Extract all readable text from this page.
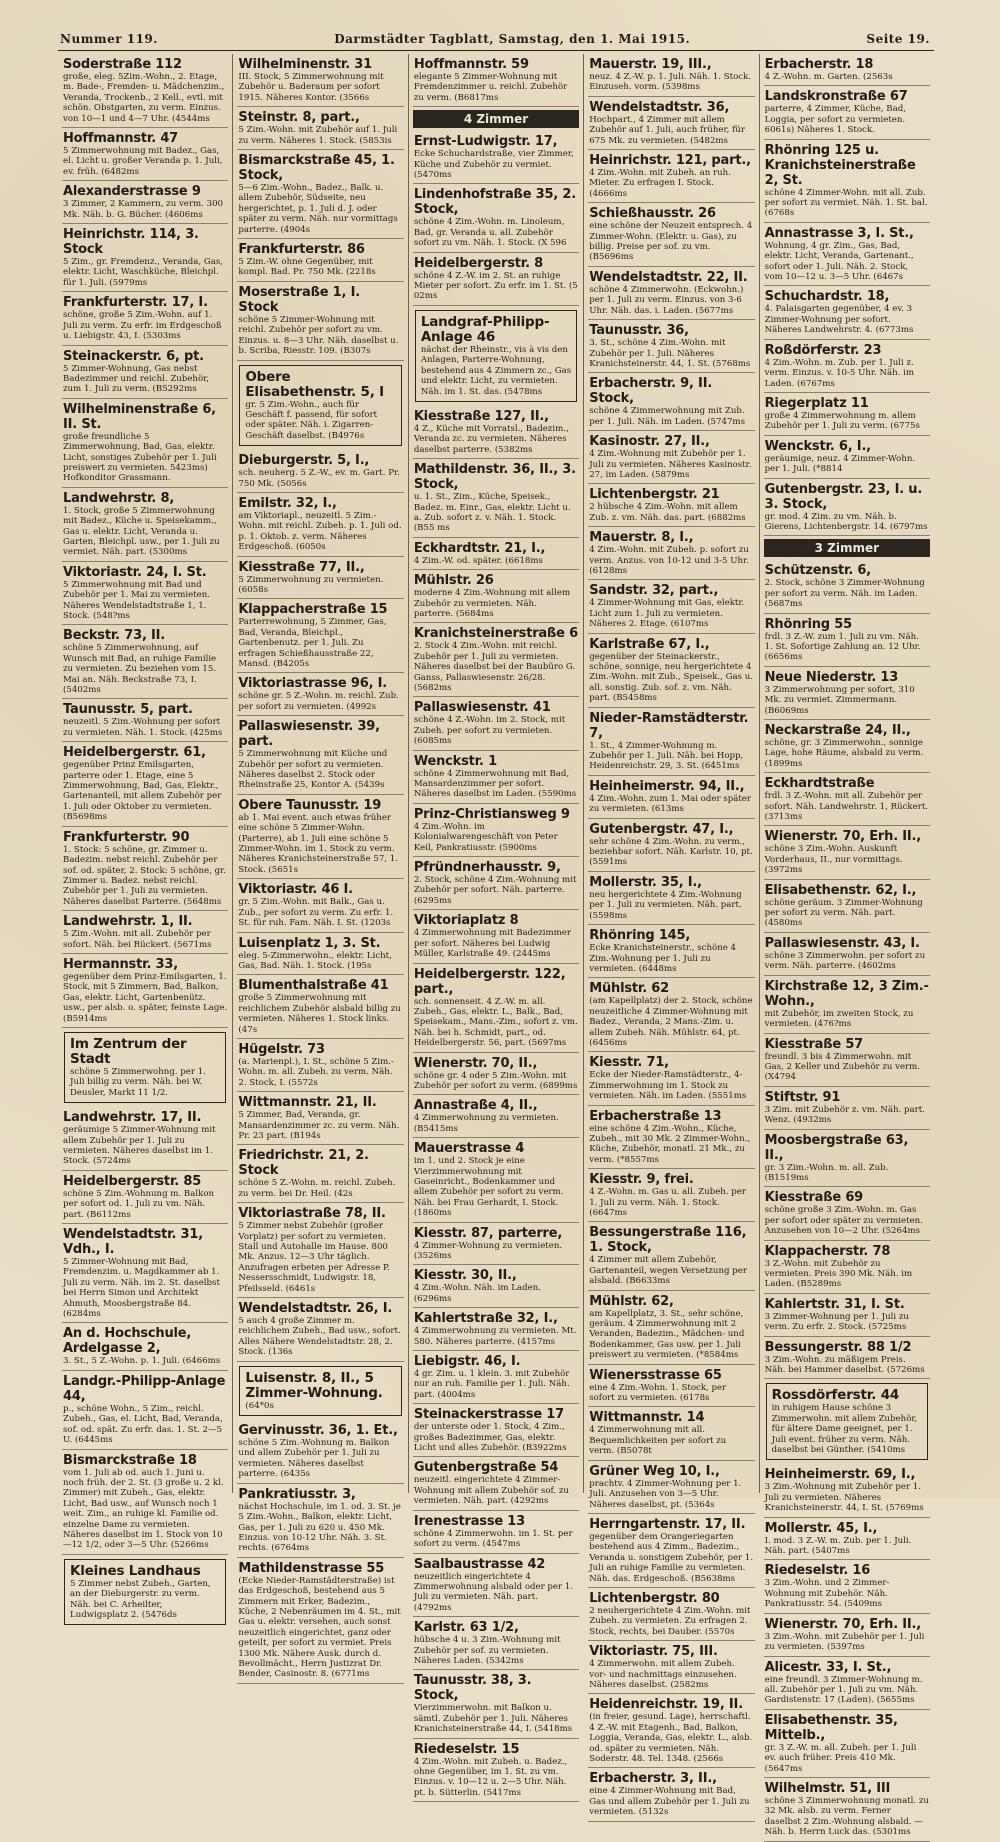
Nummer 119.	Darmstädter Tagblatt, Samstag, den 1. Mai 1915.	Seite 19.
Soderstraße 112
große, eleg. 5Zim.-Wohn., 2. Etage, m. Bade-, Fremden- u. Mädchenzim., Veranda, Trockenb., 2 Kell., evtl. mit schön. Obstgarten, zu verm. Einzus. von 10—1 und 4—7 Uhr. (4544ms
Hoffmannstr. 47
5 Zimmerwohnung mit Badez., Gas, el. Licht u. großer Veranda p. 1. Juli, ev. früh. (6482ms
Alexanderstrasse 9
3 Zimmer, 2 Kammern, zu verm. 300 Mk. Näh. b. G. Bücher. (4606ms
Heinrichstr. 114, 3. Stock
5 Zim., gr. Fremdenz., Veranda, Gas, elektr. Licht, Waschküche, Bleichpl. für 1. Juli. (5979ms
Frankfurterstr. 17, I.
schöne, große 5 Zim.-Wohn. auf 1. Juli zu verm. Zu erfr. im Erdgeschoß u. Liebigstr. 43, I. (5303ms
Steinackerstr. 6, pt.
5 Zimmer-Wohnung, Gas nebst Badezimmer und reichl. Zubehör, zum 1. Juli zu verm. (B5292ms
Wilhelminenstraße 6, II. St.
große freundliche 5 Zimmerwohnung, Bad, Gas, elektr. Licht, sonstiges Zubehör per 1. Juli preiswert zu vermieten. 5423ms) Hofkonditor Grassmann.
Landwehrstr. 8,
1. Stock, große 5 Zimmerwohnung mit Badez., Küche u. Speisekamm., Gas u. elektr. Licht, Veranda u. Garten, Bleichpl. usw., per 1. Juli zu vermiet. Näh. part. (5300ms
Viktoriastr. 24, I. St.
5 Zimmerwohnung mit Bad und Zubehör per 1. Mai zu vermieten. Näheres Wendelstadtstraße 1, 1. Stock. (548?ms
Beckstr. 73, II.
schöne 5 Zimmerwohnung, auf Wunsch mit Bad, an ruhige Familie zu vermieten. Zu beziehen vom 15. Mai an. Näh. Beckstraße 73, I. (5402ms
Taunusstr. 5, part.
neuzeitl. 5 Zim.-Wohnung per sofort zu vermieten. Näh. 1. Stock. (425ms
Heidelbergerstr. 61,
gegenüber Prinz Emilsgarten, parterre oder 1. Etage, eine 5 Zimmerwohnung, Bad, Gas, Elektr., Gartenanteil, mit allem Zubehör per 1. Juli oder Oktober zu vermieten. (B5698ms
Frankfurterstr. 90
1. Stock: 5 schöne, gr. Zimmer u. Badezim. nebst reichl. Zubehör per sof. od. später, 2. Stock: 5 schöne, gr. Zimmer u. Badez. nebst reichl. Zubehör per 1. Juli zu vermieten. Näheres daselbst Parterre. (5648ms
Landwehrstr. 1, II.
5 Zim.-Wohn. mit all. Zubehör per sofort. Näh. bei Rückert. (5671ms
Hermannstr. 33,
gegenüber dem Prinz-Emilsgarten, 1. Stock, mit 5 Zimmern, Bad, Balkon, Gas, elektr. Licht, Gartenbenütz. usw., per alsb. o. später, feinste Lage. (B5914ms
Im Zentrum der Stadt
schöne 5 Zimmerwohng. per 1. Juli billig zu verm. Näh. bei W. Deusler, Markt 11 1/2.
Landwehrstr. 17, II.
geräumige 5 Zimmer-Wohnung mit allem Zubehör per 1. Juli zu vermieten. Näheres daselbst im 1. Stock. (5724ms
Heidelbergerstr. 85
schöne 5 Zim.-Wohnung m. Balkon per sofort od. 1. Juli zu vm. Näh. part. (B6112ms
Wendelstadtstr. 31, Vdh., I.
5 Zimmer-Wohnung mit Bad, Fremdenzim. u. Magdkammer ab 1. Juli zu verm. Näh. im 2. St. daselbst bei Herrn Simon und Architekt Ahmuth, Moosbergstraße 84. (6284ms
An d. Hochschule, Ardelgasse 2,
3. St., 5 Z.-Wohn. p. 1. Juli. (6466ms
Landgr.-Philipp-Anlage 44,
p., schöne Wohn., 5 Zim., reichl. Zubeh., Gas, el. Licht, Bad, Veranda, sof. od. spät. Zu erfr. das. 1. St. 2—5 U. (6445ms
Bismarckstraße 18
vom 1. Juli ab od. auch 1. Juni u. noch früh. der 2. St. (3 große u. 2 kl. Zimmer) mit Zubeh., Gas, elektr. Licht, Bad usw., auf Wunsch noch 1 weit. Zim., an ruhige kl. Familie od. einzelne Dame zu vermieten. Näheres daselbst im 1. Stock von 10—12 1/2, oder 3—5 Uhr. (5266ms
Kleines Landhaus
5 Zimmer nebst Zubeh., Garten, an der Dieburgerstr. zu verm. Näh. bei C. Arheilter, Ludwigsplatz 2. (5476ds
Wilhelminenstr. 31
III. Stock, 5 Zimmerwohnung mit Zubehör u. Baderaum per sofort 1915. Näheres Kontor. (3566s
Steinstr. 8, part.,
5 Zim.-Wohn. mit Zubehör auf 1. Juli zu verm. Näheres 1. Stock. (5853is
Bismarckstraße 45, 1. Stock,
5—6 Zim.-Wohn., Badez., Balk. u. allem Zubehör, Südseite, neu hergerichtet, p. 1. Juli d. J. oder später zu verm. Näh. nur vormittags parterre. (4904s
Frankfurterstr. 86
5 Zim.-W. ohne Gegenüber, mit kompl. Bad. Pr. 750 Mk. (2218s
Moserstraße 1, I. Stock
schöne 5 Zimmer-Wohnung mit reichl. Zubehör per sofort zu vm. Einzus. u. 8—3 Uhr. Näh. daselbst u. b. Scriba, Riesstr. 109. (B307s
Obere Elisabethenstr. 5, I
gr. 5 Zim.-Wohn., auch für Geschäft f. passend, für sofort oder später. Näh. i. Zigarren-Geschäft daselbst. (B4976s
Dieburgerstr. 5, I.,
sch. neuherg. 5 Z.-W., ev. m. Gart. Pr. 750 Mk. (5056s
Emilstr. 32, I.,
am Viktoriapl., neuzeitl. 5 Zim.-Wohn. mit reichl. Zubeh. p. 1. Juli od. p. 1. Oktob. z. verm. Näheres Erdgeschoß. (6050s
Kiesstraße 77, II.,
5 Zimmerwohnung zu vermieten. (6058s
Klappacherstraße 15
Parterrewohnung, 5 Zimmer, Gas, Bad, Veranda, Bleichpl., Gartenbenutz. per 1. Juli. Zu erfragen Schießhausstraße 22, Mansd. (B4205s
Viktoriastrasse 96, I.
schöne gr. 5 Z.-Wohn. m. reichl. Zub. per sofort zu vermieten. (4992s
Pallaswiesenstr. 39, part.
5 Zimmerwohnung mit Küche und Zubehör per sofort zu vermieten. Näheres daselbst 2. Stock oder Rheinstraße 25, Kontor A. (5439s
Obere Taunusstr. 19
ab 1. Mai event. auch etwas früher eine schöne 5 Zimmer-Wohn. (Parterre), ab 1. Juli eine schöne 5 Zimmer-Wohn. im 1. Stock zu verm. Näheres Kranichsteinerstraße 57, 1. Stock. (5651s
Viktoriastr. 46 I.
gr. 5 Zim.-Wohn. mit Balk., Gas u. Zub., per sofort zu verm. Zu erfr. 1. St. für ruh. Fam. Näh. I. St. (1203s
Luisenplatz 1, 3. St.
eleg. 5-Zimmerwohn., elektr. Licht, Gas, Bad. Näh. 1. Stock. (195s
Blumenthalstraße 41
große 5 Zimmerwohnung mit reichlichem Zubehör alsbald billig zu vermieten. Näheres 1. Stock links. (47s
Hügelstr. 73
(a. Marienpl.), I. St., schöne 5 Zim.-Wohn. m. all. Zubeh. zu verm. Näh. 2. Stock, I. (5572s
Wittmannstr. 21, II.
5 Zimmer, Bad, Veranda, gr. Mansardenzimmer zc. zu verm. Näh. Pr. 23 part. (B194s
Friedrichstr. 21, 2. Stock
schöne 5 Z.-Wohn. m. reichl. Zubeh. zu verm. bei Dr. Heil. (42s
Viktoriastraße 78, II.
5 Zimmer nebst Zubehör (großer Vorplatz) per sofort zu vermieten. Stall und Autohalle im Hause. 800 Mk. Anzus. 12—3 Uhr täglich. Anzufragen erbeten per Adresse P. Nessersschmidt, Ludwigstr. 18, Pfeilsseld. (6461s
Wendelstadtstr. 26, I.
5 auch 4 große Zimmer m. reichlichem Zubeh., Bad usw., sofort. Alles Nähere Wendelstadtstr. 28, 2. Stock. (136s
Luisenstr. 8, II., 5 Zimmer-Wohnung.
(64*0s
Gervinusstr. 36, 1. Et.,
schöne 5 Zim.-Wohnung m. Balkon und allem Zubehör per 1. Juli zu vermieten. Näheres daselbst parterre. (6435s
Pankratiusstr. 3,
nächst Hochschule, im 1. od. 3. St. je 5 Zim.-Wohn., Balkon, elektr. Licht, Gas, per 1. Juli zu 620 u. 450 Mk. Einzus. von 10-12 Uhr. Näh. 3. St. rechts. (6764ms
Mathildenstrasse 55
(Ecke Nieder-Ramstädterstraße) ist das Erdgeschoß, bestehend aus 5 Zimmern mit Erker, Badezim., Küche, 2 Nebenräumen im 4. St., mit Gas u. elektr. versehen, auch sonst neuzeitlich eingerichtet, ganz oder geteilt, per sofort zu vermiet. Preis 1300 Mk. Nähere Ausk. durch d. Bevollmächt., Herrn Justizrat Dr. Bender, Casinostr. 8. (6771ms
Hoffmannstr. 59
elegante 5 Zimmer-Wohnung mit Fremdenzimmer u. reichl. Zubehör zu verm. (B6817ms
4 Zimmer
Ernst-Ludwigstr. 17,
Ecke Schuchardstraße, vier Zimmer, Küche und Zubehör zu vermiet. (5470ms
Lindenhofstraße 35, 2. Stock,
schöne 4 Zim.-Wohn. m. Linoleum, Bad, gr. Veranda u. all. Zubehör sofort zu vm. Näh. 1. Stock. (X 596
Heidelbergerstr. 8
schöne 4 Z.-W. im 2. St. an ruhige Mieter per sofort. Zu erfr. im 1. St. (5 02ms
Landgraf-Philipp-Anlage 46
nächst der Rheinstr., vis à vis den Anlagen, Parterre-Wohnung, bestehend aus 4 Zimmern zc., Gas und elektr. Licht, zu vermieten. Näh. im 1. St. das. (5478ms
Kiesstraße 127, II.,
4 Z., Küche mit Vorratsl., Badezim., Veranda zc. zu vermieten. Näheres daselbst parterre. (5382ms
Mathildenstr. 36, II., 3. Stock,
u. 1. St., Zim., Küche, Speisek., Badez. m. Einr., Gas, elektr. Licht u. a. Zub. sofort z. v. Näh. 1. Stock. (B55 ms
Eckhardtstr. 21, I.,
4 Zim.-W. od. später. (6618ms
Mühlstr. 26
moderne 4 Zim.-Wohnung mit allem Zubehör zu vermieten. Näh. parterre. (5684ms
Kranichsteinerstraße 6
2. Stock 4 Zim.-Wohn. mit reichl. Zubehör per 1. Juli zu vermieten. Näheres daselbst bei der Baubüro G. Ganss, Pallaswiesenstr. 26/28. (5682ms
Pallaswiesenstr. 41
schöne 4 Z.-Wohn. im 2. Stock, mit Zubeh. per sofort zu vermieten. (6085ms
Wenckstr. 1
schöne 4 Zimmerwohnung mit Bad, Mansardenzimmer per sofort. Näheres daselbst im Laden. (5590ms
Prinz-Christiansweg 9
4 Zim.-Wohn. im Kolonialwarengeschäft von Peter Keil, Pankratiusstr. (5900ms
Pfründnerhausstr. 9,
2. Stock, schöne 4 Zim.-Wohnung mit Zubehör per sofort. Näh. parterre. (6295ms
Viktoriaplatz 8
4 Zimmerwohnung mit Badezimmer per sofort. Näheres bei Ludwig Müller, Karlstraße 49. (2445ms
Heidelbergerstr. 122, part.,
sch. sonnenseit. 4 Z.-W. m. all. Zubeh., Gas, elektr. L., Balk., Bad, Speisekam., Mans.-Zim., sofort z. vm. Näh. bei h. Schmidt, part., od. Heidelbergerstr. 56, part. (5697ms
Wienerstr. 70, II.,
schöne gr. 4 oder 5 Zim.-Wohn. mit Zubehör per sofort zu verm. (6899ms
Annastraße 4, II.,
4 Zimmerwohnung zu vermieten. (B5415ms
Mauerstrasse 4
im 1. und 2. Stock je eine Vierzimmerwohnung mit Gaseinricht., Bodenkammer und allem Zubehör per sofort zu verm. Näh. bei Frau Gerhardt, I. Stock. (1860ms
Kiesstr. 87, parterre,
4 Zimmer-Wohnung zu vermieten. (3526ms
Kiesstr. 30, II.,
4 Zim.-Wohn. Näh. im Laden. (6296ms
Kahlertstraße 32, I.,
4 Zimmerwohnung zu vermieten. Mt. 580. Näheres parterre. (4157ms
Liebigstr. 46, I.
4 gr. Zim. u. 1 klein. 3. mit Zubehör nur an ruh. Familie per 1. Juli. Näh. part. (4004ms
Steinackerstrasse 17
der unterste oder 1. Stock, 4 Zim., großes Badezimmer, Gas, elektr. Licht und alles Zubehör. (B3922ms
Gutenbergstraße 54
neuzeitl. eingerichtete 4 Zimmer-Wohnung mit allem Zubehör sof. zu vermieten. Näh. part. (4292ms
Irenestrasse 13
schöne 4 Zimmerwohn. im 1. St. per sofort zu verm. (4547ms
Saalbaustrasse 42
neuzeitlich eingerichtete 4 Zimmerwohnung alsbald oder per 1. Juli zu vermieten. Näh. part. (4792ms
Karlstr. 63 1/2,
hübsche 4 u. 3 Zim.-Wohnung mit Zubehör per sof. zu vermieten. Näheres Laden. (5342ms
Taunusstr. 38, 3. Stock,
Vierzimmerwohn. mit Balkon u. sämtl. Zubehör per 1. Juli. Näheres Kranichsteinerstraße 44, I. (5418ms
Riedeselstr. 15
4 Zim.-Wohn. mit Zubeh. u. Badez., ohne Gegenüber, im 1. St. zu vm. Einzus. v. 10—12 u. 2—5 Uhr. Näh. pt. b. Sütterlin. (5417ms
Mauerstr. 19, III.,
neuz. 4 Z.-W. p. 1. Juli. Näh. 1. Stock. Einzuseh. vorm. (5398ms
Wendelstadtstr. 36,
Hochpart., 4 Zimmer mit allem Zubehör auf 1. Juli, auch früher, für 675 Mk. zu vermieten. (5482ms
Heinrichstr. 121, part.,
4 Zim.-Wohn. mit Zubeh. an ruh. Mieter. Zu erfragen I. Stock. (4666ms
Schießhausstr. 26
eine schöne der Neuzeit entsprech. 4 Zimmer-Wohn. (Elektr. u. Gas), zu billig. Preise per sof. zu vm. (B5696ms
Wendelstadtstr. 22, II.
schöne 4 Zimmerwohn. (Eckwohn.) per 1. Juli zu verm. Einzus. von 3-6 Uhr. Näh. das. i. Laden. (5677ms
Taunusstr. 36,
3. St., schöne 4 Zim.-Wohn. mit Zubehör per 1. Juli. Näheres Kranichsteinerstr. 44, 1. St. (5768ms
Erbacherstr. 9, II. Stock,
schöne 4 Zimmerwohnung mit Zub. per 1. Juli. Näh. im Laden. (5747ms
Kasinostr. 27, II.,
4 Zim.-Wohnung mit Zubehör per 1. Juli zu vermieten. Näheres Kasinostr. 27, im Laden. (5879ms
Lichtenbergstr. 21
2 hübsche 4 Zim.-Wohn. mit allem Zub. z. vm. Näh. das. part. (6882ms
Mauerstr. 8, I.,
4 Zim.-Wohn. mit Zubeh. p. sofort zu verm. Anzus. von 10-12 und 3-5 Uhr. (6128ms
Sandstr. 32, part.,
4 Zimmer-Wohnung mit Gas, elektr. Licht zum 1. Juli zu vermieten. Näheres 2. Etage. (6107ms
Karlstraße 67, I.,
gegenüber der Steinackerstr., schöne, sonnige, neu hergerichtete 4 Zim.-Wohn. mit Zub., Speisek., Gas u. all. sonstig. Zub. sof. z. vm. Näh. part. (B5458ms
Nieder-Ramstädterstr. 7,
1. St., 4 Zimmer-Wohnung m. Zubehör per 1. Juli. Näh. bei Hopp, Heidenreichstr. 29, 3. St. (6451ms
Heinheimerstr. 94, II.,
4 Zim.-Wohn. zum 1. Mai oder später zu vermieten. (613ms
Gutenbergstr. 47, I.,
sehr schöne 4 Zim.-Wohn. zu verm., beziehbar sofort. Näh. Karlstr. 10, pt. (5591ms
Mollerstr. 35, I.,
neu hergerichtete 4 Zim.-Wohnung per 1. Juli zu vermieten. Näh. part. (5598ms
Rhönring 145,
Ecke Kranichsteinerstr., schöne 4 Zim.-Wohnung per 1. Juli zu vermieten. (6448ms
Mühlstr. 62
(am Kapellplatz) der 2. Stock, schöne neuzeitliche 4 Zimmer-Wohnung mit Badez., Veranda, 2 Mans.-Zim. u. allem Zubeh. Näh. Mühlstr. 64, pt. (6456ms
Kiesstr. 71,
Ecke der Nieder-Ramstädterstr., 4-Zimmerwohnung im 1. Stock zu vermieten. Näh. im Laden. (5551ms
Erbacherstraße 13
eine schöne 4 Zim.-Wohn., Küche, Zubeh., mit 30 Mk. 2 Zimmer-Wohn., Küche, Zubehör, monatl. 21 Mk., zu verm. (*8557ms
Kiesstr. 9, frei.
4 Z.-Wohn. m. Gas u. all. Zubeh. per 1. Juli zu verm. Näh. 1. Stock. (6647ms
Bessungerstraße 116, 1. Stock,
4 Zimmer mit allem Zubehör, Gartenanteil, wegen Versetzung per alsbald. (B6633ms
Mühlstr. 62,
am Kapellplatz, 3. St., sehr schöne, geräum. 4 Zimmerwohnung mit 2 Veranden, Badezim., Mädchen- und Bodenkammer, Gas usw. per 1. Juli preiswert zu vermieten. (*8584ms
Wienersstrasse 65
eine 4 Zim.-Wohn. 1. Stock, per sofort zu vermieten. (6178s
Wittmannstr. 14
4 Zimmerwohnung mit all. Bequemlichkeiten per sofort zu verm. (B5078t
Grüner Weg 10, I.,
prachtv. 4 Zimmer-Wohnung per 1. Juli. Anzusehen von 3—5 Uhr. Näheres daselbst, pt. (5364s
Herrngartenstr. 17, II.
gegenüber dem Orangeriegarten bestehend aus 4 Zimm., Badezim., Veranda u. sonstigem Zubehör, per 1. Juli an ruhige Familie zu vermieten. Näh. das. Erdgeschoß. (B5638ms
Lichtenbergstr. 80
2 neuhergerichtete 4 Zim.-Wohn. mit Zubeh. zu vermieten. Zu erfragen 2. Stock, rechts, bei Dauber. (5570s
Viktoriastr. 75, III.
4 Zimmerwohn. mit allem Zubeh. vor- und nachmittags einzusehen. Näheres daselbst. (2582ms
Heidenreichstr. 19, II.
(in freier, gesund. Lage), herrschaftl. 4 Z.-W. mit Etagenh., Bad, Balkon, Loggia, Veranda, Gas, elektr. L., alsb. od. später zu vermieten. Näh. Soderstr. 48. Tel. 1348. (2566s
Erbacherstr. 3, II.,
eine 4 Zimmer-Wohnung mit Bad, Gas und allem Zubehör per 1. Juli zu vermieten. (5132s
Erbacherstr. 18
4 Z.-Wohn. m. Garten. (2563s
Landskronstraße 67
parterre, 4 Zimmer, Küche, Bad, Loggia, per sofort zu vermieten. 6061s) Näheres 1. Stock.
Rhönring 125 u. Kranichsteinerstraße 2, St.
schöne 4 Zimmer-Wohn. mit all. Zub. per sofort zu vermiet. Näh. 1. St. bal. (6768s
Annastrasse 3, I. St.,
Wohnung, 4 gr. Zim., Gas, Bad, elektr. Licht, Veranda, Gartenant., sofort oder 1. Juli. Näh. 2. Stock, vom 10—12 u. 3—5 Uhr. (6467s
Schuchardstr. 18,
4. Palaisgarten gegenüber, 4 ev. 3 Zimmer-Wohnung per sofort. Näheres Landwehrstr. 4. (6773ms
Roßdörferstr. 23
4 Zim.-Wohn. m. Zub. per 1. Juli z. verm. Einzus. v. 10-5 Uhr. Näh. im Laden. (6767ms
Riegerplatz 11
große 4 Zimmerwohnung m. allem Zubehör per 1. Juli zu verm. (6775s
Wenckstr. 6, I.,
geräumige, neuz. 4 Zimmer-Wohn. per 1. Juli. (*8814
Gutenbergstr. 23, I. u. 3. Stock,
gr. mod. 4 Zim. zu vm. Näh. b. Gierens, Lichtenbergstr. 14. (6797ms
3 Zimmer
Schützenstr. 6,
2. Stock, schöne 3 Zimmer-Wohnung per sofort zu verm. Näh. im Laden. (5687ms
Rhönring 55
frdl. 3 Z.-W. zum 1. Juli zu vm. Näh. 1. St. Sofortige Zahlung an. 12 Uhr. (6656ms
Neue Niederstr. 13
3 Zimmerwohnung per sofort, 310 Mk. zu vermiet. Zimmermann. (B6069ms
Neckarstraße 24, II.,
schöne, gr. 3 Zimmerwohn., sonnige Lage, hohe Räume, alsbald zu verm. (1899ms
Eckhardtstraße
frdl. 3 Z.-Wohn. mit all. Zubehör per sofort. Näh. Landwehrstr. 1, Rückert. (3713ms
Wienerstr. 70, Erh. II.,
schöne 3 Zim.-Wohn. Auskunft Vorderhaus, II., nur vormittags. (3972ms
Elisabethenstr. 62, I.,
schöne geräum. 3 Zimmer-Wohnung per sofort zu verm. Näh. part. (4580ms
Pallaswiesenstr. 43, I.
schöne 3 Zimmerwohn. per sofort zu verm. Näh. parterre. (4602ms
Kirchstraße 12, 3 Zim.-Wohn.,
mit Zubehör, im zweiten Stock, zu vermieten. (476?ms
Kiesstraße 57
freundl. 3 bis 4 Zimmerwohn. mit Gas, 2 Keller und Zubehör zu verm. (X4794
Stiftstr. 91
3 Zim. mit Zubehör z. vm. Näh. part. Wenz. (4932ms
Moosbergstraße 63, II.,
gr. 3 Zim.-Wohn. m. all. Zub. (B1519ms
Kiesstraße 69
schöne große 3 Zim.-Wohn. m. Gas per sofort oder später zu vermieten. Anzusehen von 10—2 Uhr. (5264ms
Klappacherstr. 78
3 Z.-Wohn. mit Zubehör zu vermieten. Preis 390 Mk. Näh. im Laden. (B5289ms
Kahlertstr. 31, I. St.
3 Zimmer-Wohnung per 1. Juli zu verm. Zu erfr. 2. Stock. (5725ms
Bessungerstr. 88 1/2
3 Zim.-Wohn. zu mäßigem Preis. Näh. bei Hammer daselbst. (5726ms
Rossdörferstr. 44
in ruhigem Hause schöne 3 Zimmerwohn. mit allem Zubehör, für ältere Dame geeignet, per 1. Juli event. früher zu verm. Näh. daselbst bei Günther. (5410ms
Heinheimerstr. 69, I.,
3 Zim.-Wohnung mit Zubehör per 1. Juli zu vermieten. Näheres Kranichsteinerstr. 44, I. St. (5769ms
Mollerstr. 45, I.,
I. mod. 3 Z.-W. m. Zub. per 1. Juli. Näh. part. (5407ms
Riedeselstr. 16
3 Zim.-Wohn. und 2 Zimmer-Wohnung mit Zubehör. Näh. Pankratiusstr. 54. (5409ms
Wienerstr. 70, Erh. II.,
3 Zim.-Wohn. mit Zubehör per 1. Juli zu vermieten. (5397ms
Alicestr. 33, I. St.,
eine freundl. 3 Zimmer-Wohnung m. all. Zubehör per 1. Juli zu vm. Näh. Gardistenstr. 17 (Laden). (5655ms
Elisabethenstr. 35, Mittelb.,
gr. 3 Z.-W. m. all. Zubeh. per 1. Juli ev. auch früher. Preis 410 Mk. (5647ms
Wilhelmstr. 51, III
schöne 3 Zimmerwohnung monatl. zu 32 Mk. alsb. zu verm. Ferner daselbst 2 Zim.-Wohnung alsbald. — Näh. b. Herrn Luck das. (5301ms
